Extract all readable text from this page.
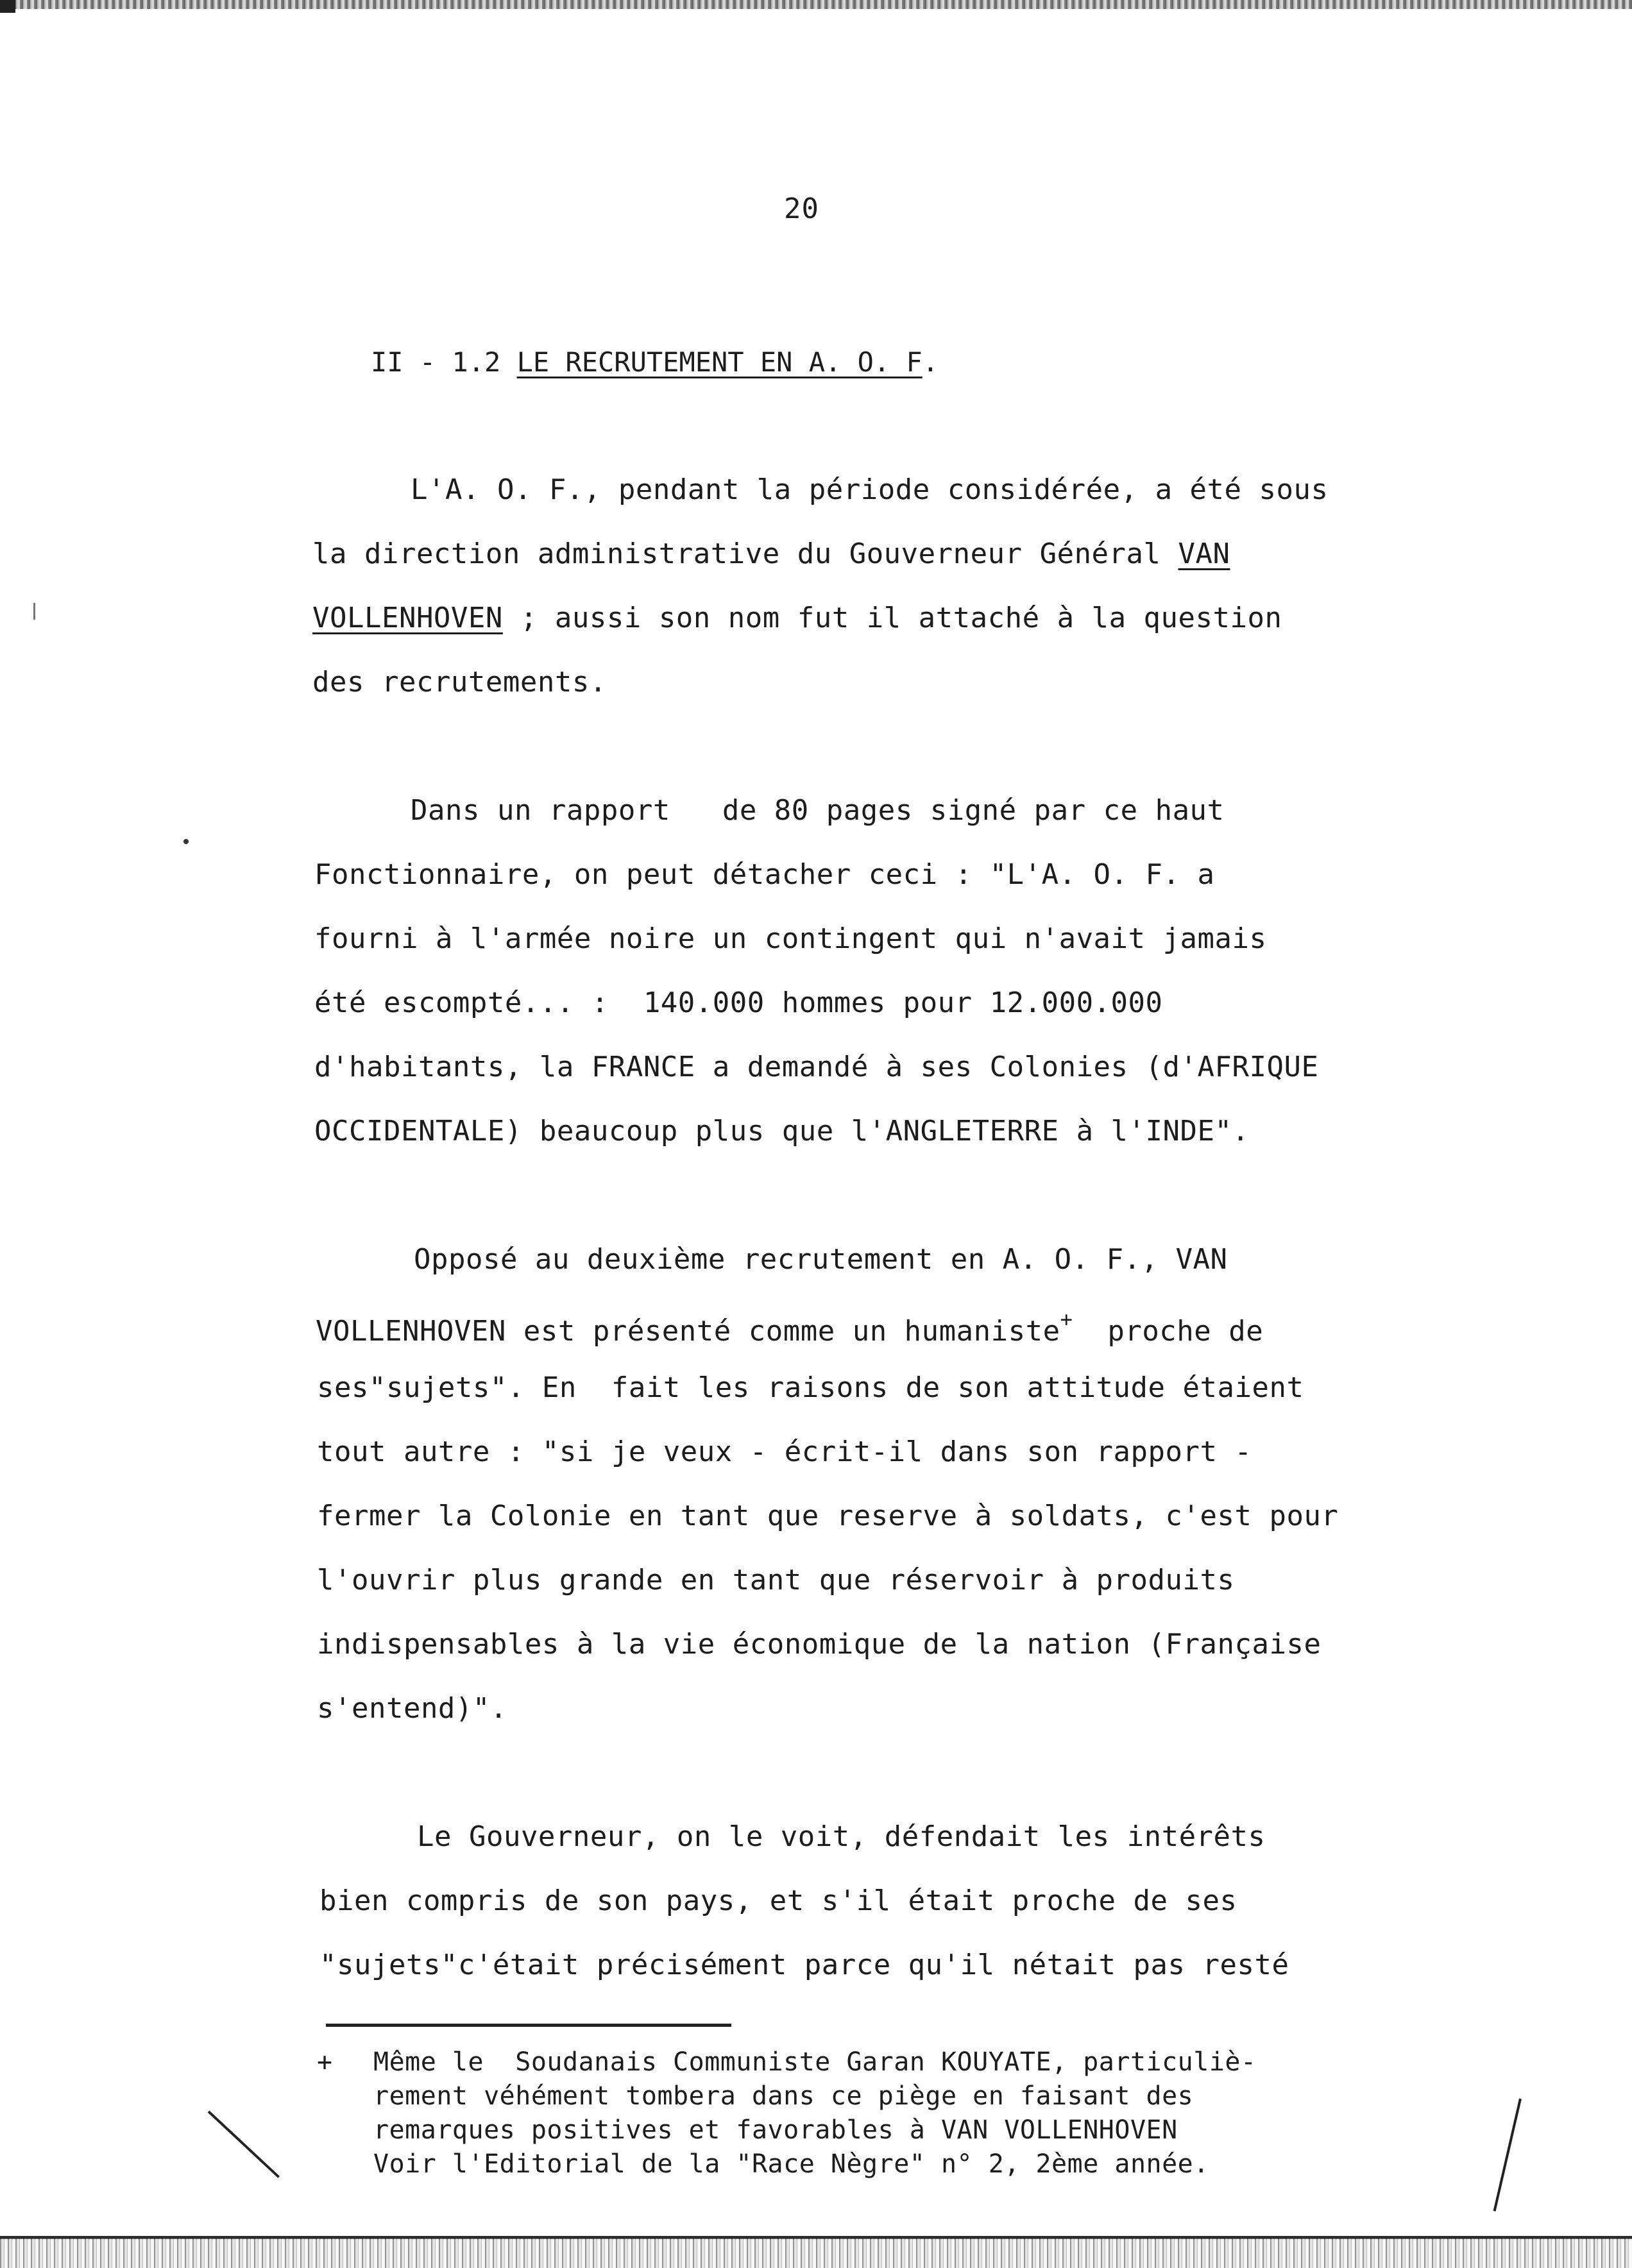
20
II - 1.2 LE RECRUTEMENT EN A. O. F.
L'A. O. F., pendant la période considérée, a été sous
la direction administrative du Gouverneur Général VAN
VOLLENHOVEN ; aussi son nom fut il attaché à la question
des recrutements.
Dans un rapport   de 80 pages signé par ce haut
Fonctionnaire, on peut détacher ceci : "L'A. O. F. a
fourni à l'armée noire un contingent qui n'avait jamais
été escompté... :  140.000 hommes pour 12.000.000
d'habitants, la FRANCE a demandé à ses Colonies (d'AFRIQUE
OCCIDENTALE) beaucoup plus que l'ANGLETERRE à l'INDE".
Opposé au deuxième recrutement en A. O. F., VAN
VOLLENHOVEN est présenté comme un humaniste+  proche de
ses"sujets". En  fait les raisons de son attitude étaient
tout autre : "si je veux - écrit-il dans son rapport -
fermer la Colonie en tant que reserve à soldats, c'est pour
l'ouvrir plus grande en tant que réservoir à produits
indispensables à la vie économique de la nation (Française
s'entend)".
Le Gouverneur, on le voit, défendait les intérêts
bien compris de son pays, et s'il était proche de ses
"sujets"c'était précisément parce qu'il nétait pas resté
+ Même le  Soudanais Communiste Garan KOUYATE, particuliè-
rement véhément tombera dans ce piège en faisant des
remarques positives et favorables à VAN VOLLENHOVEN
Voir l'Editorial de la "Race Nègre" n° 2, 2ème année.
